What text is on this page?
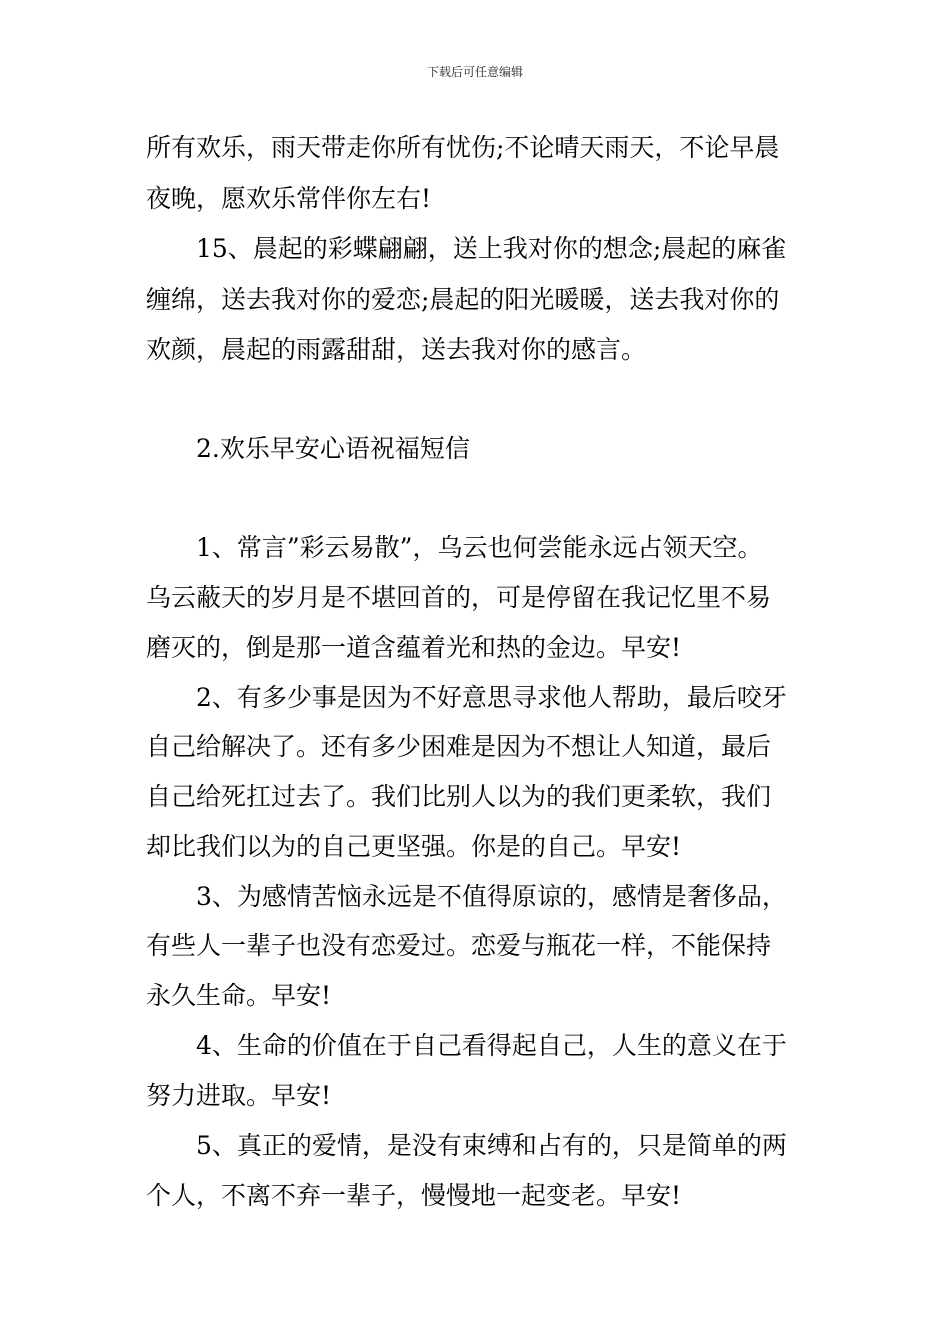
下载后可任意编辑
所有欢乐，雨天带走你所有忧伤;不论晴天雨天，不论早晨
夜晚，愿欢乐常伴你左右!
15、晨起的彩蝶翩翩，送上我对你的想念;晨起的麻雀
缠绵，送去我对你的爱恋;晨起的阳光暖暖，送去我对你的
欢颜，晨起的雨露甜甜，送去我对你的感言。
2.欢乐早安心语祝福短信
1、常言”彩云易散”，乌云也何尝能永远占领天空。
乌云蔽天的岁月是不堪回首的，可是停留在我记忆里不易
磨灭的，倒是那一道含蕴着光和热的金边。早安!
2、有多少事是因为不好意思寻求他人帮助，最后咬牙
自己给解决了。还有多少困难是因为不想让人知道，最后
自己给死扛过去了。我们比别人以为的我们更柔软，我们
却比我们以为的自己更坚强。你是的自己。早安!
3、为感情苦恼永远是不值得原谅的，感情是奢侈品，
有些人一辈子也没有恋爱过。恋爱与瓶花一样，不能保持
永久生命。早安!
4、生命的价值在于自己看得起自己，人生的意义在于
努力进取。早安!
5、真正的爱情，是没有束缚和占有的，只是简单的两
个人，不离不弃一辈子，慢慢地一起变老。早安!
